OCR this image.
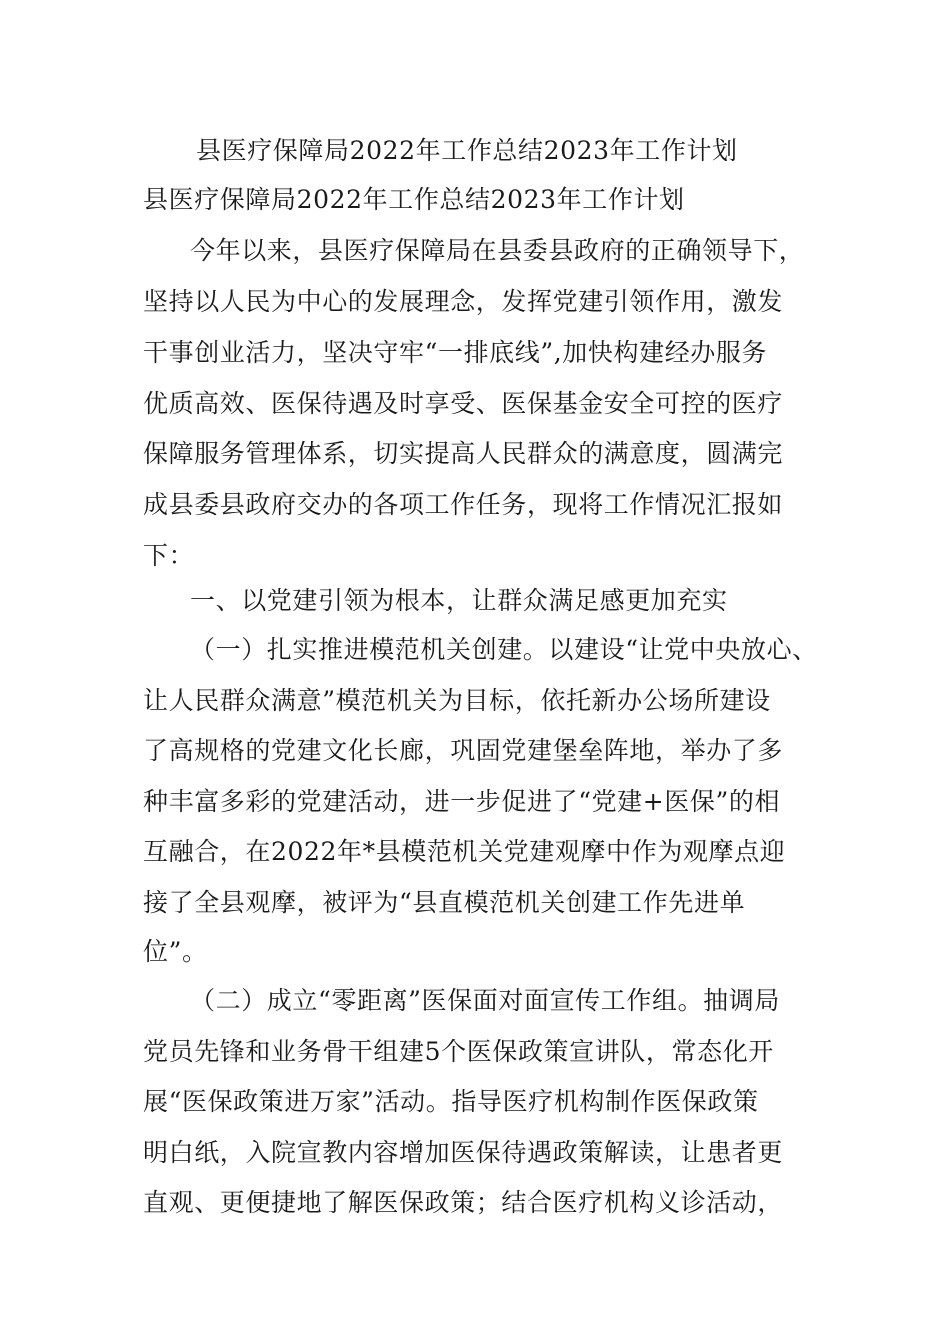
县医疗保障局2022年工作总结2023年工作计划
县医疗保障局2022年工作总结2023年工作计划
今年以来，县医疗保障局在县委县政府的正确领导下，
坚持以人民为中心的发展理念，发挥党建引领作用，激发
干事创业活力，坚决守牢“一排底线”,加快构建经办服务
优质高效、医保待遇及时享受、医保基金安全可控的医疗
保障服务管理体系，切实提高人民群众的满意度，圆满完
成县委县政府交办的各项工作任务，现将工作情况汇报如
下：
一、以党建引领为根本，让群众满足感更加充实
（一）扎实推进模范机关创建。以建设“让党中央放心、
让人民群众满意”模范机关为目标，依托新办公场所建设
了高规格的党建文化长廊，巩固党建堡垒阵地，举办了多
种丰富多彩的党建活动，进一步促进了“党建+医保”的相
互融合，在2022年*县模范机关党建观摩中作为观摩点迎
接了全县观摩，被评为“县直模范机关创建工作先进单
位”。
（二）成立“零距离”医保面对面宣传工作组。抽调局
党员先锋和业务骨干组建5个医保政策宣讲队，常态化开
展“医保政策进万家”活动。指导医疗机构制作医保政策
明白纸，入院宣教内容增加医保待遇政策解读，让患者更
直观、更便捷地了解医保政策；结合医疗机构义诊活动，
